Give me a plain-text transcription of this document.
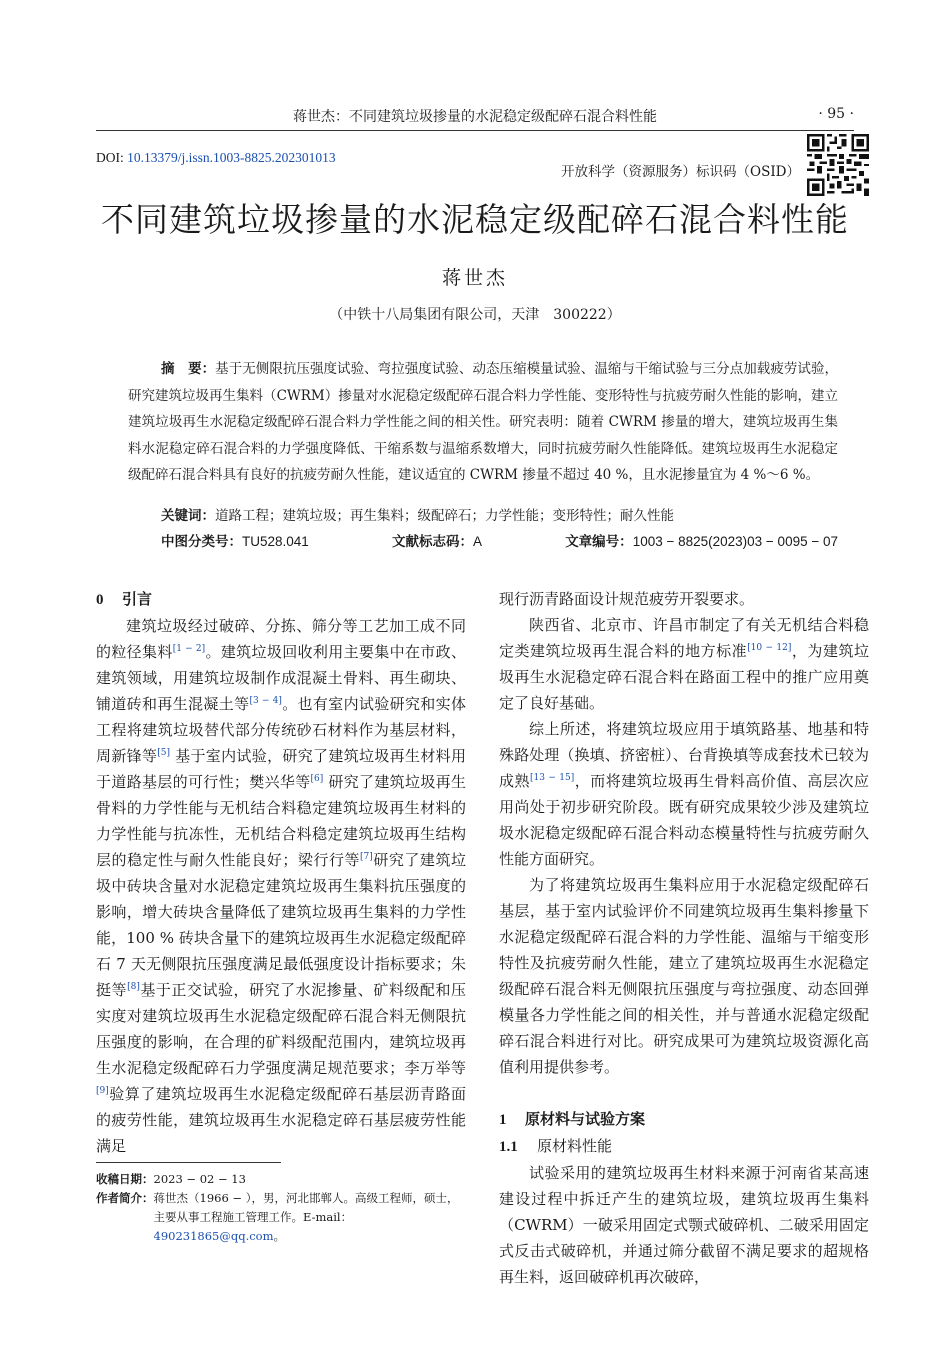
蒋世杰：不同建筑垃圾掺量的水泥稳定级配碎石混合料性能	· 95 ·
DOI: 10.13379/j.issn.1003-8825.202301013
开放科学（资源服务）标识码（OSID）
不同建筑垃圾掺量的水泥稳定级配碎石混合料性能
蒋世杰
（中铁十八局集团有限公司，天津　300222）
摘　要：基于无侧限抗压强度试验、弯拉强度试验、动态压缩模量试验、温缩与干缩试验与三分点加载疲劳试验，研究建筑垃圾再生集料（CWRM）掺量对水泥稳定级配碎石混合料力学性能、变形特性与抗疲劳耐久性能的影响，建立建筑垃圾再生水泥稳定级配碎石混合料力学性能之间的相关性。研究表明：随着 CWRM 掺量的增大，建筑垃圾再生集料水泥稳定碎石混合料的力学强度降低、干缩系数与温缩系数增大，同时抗疲劳耐久性能降低。建筑垃圾再生水泥稳定级配碎石混合料具有良好的抗疲劳耐久性能，建议适宜的 CWRM 掺量不超过 40 %，且水泥掺量宜为 4 %～6 %。
关键词：道路工程；建筑垃圾；再生集料；级配碎石；力学性能；变形特性；耐久性能
中图分类号：TU528.041	文献标志码：A	文章编号：1003 − 8825(2023)03 − 0095 − 07
0 引言

建筑垃圾经过破碎、分拣、筛分等工艺加工成不同的粒径集料[1 − 2]。建筑垃圾回收利用主要集中在市政、建筑领域，用建筑垃圾制作成混凝土骨料、再生砌块、铺道砖和再生混凝土等[3 − 4]。也有室内试验研究和实体工程将建筑垃圾替代部分传统砂石材料作为基层材料，周新锋等[5] 基于室内试验，研究了建筑垃圾再生材料用于道路基层的可行性；樊兴华等[6] 研究了建筑垃圾再生骨料的力学性能与无机结合料稳定建筑垃圾再生材料的力学性能与抗冻性，无机结合料稳定建筑垃圾再生结构层的稳定性与耐久性能良好；梁行行等[7]研究了建筑垃圾中砖块含量对水泥稳定建筑垃圾再生集料抗压强度的影响，增大砖块含量降低了建筑垃圾再生集料的力学性能，100 % 砖块含量下的建筑垃圾再生水泥稳定级配碎石 7 天无侧限抗压强度满足最低强度设计指标要求；朱挺等[8]基于正交试验，研究了水泥掺量、矿料级配和压实度对建筑垃圾再生水泥稳定级配碎石混合料无侧限抗压强度的影响，在合理的矿料级配范围内，建筑垃圾再生水泥稳定级配碎石力学强度满足规范要求；李万举等[9]验算了建筑垃圾再生水泥稳定级配碎石基层沥青路面的疲劳性能，建筑垃圾再生水泥稳定碎石基层疲劳性能满足

现行沥青路面设计规范疲劳开裂要求。

陕西省、北京市、许昌市制定了有关无机结合料稳定类建筑垃圾再生混合料的地方标准[10 − 12]，为建筑垃圾再生水泥稳定碎石混合料在路面工程中的推广应用奠定了良好基础。

综上所述，将建筑垃圾应用于填筑路基、地基和特殊路处理（换填、挤密桩）、台背换填等成套技术已较为成熟[13 − 15]，而将建筑垃圾再生骨料高价值、高层次应用尚处于初步研究阶段。既有研究成果较少涉及建筑垃圾水泥稳定级配碎石混合料动态模量特性与抗疲劳耐久性能方面研究。

为了将建筑垃圾再生集料应用于水泥稳定级配碎石基层，基于室内试验评价不同建筑垃圾再生集料掺量下水泥稳定级配碎石混合料的力学性能、温缩与干缩变形特性及抗疲劳耐久性能，建立了建筑垃圾再生水泥稳定级配碎石混合料无侧限抗压强度与弯拉强度、动态回弹模量各力学性能之间的相关性，并与普通水泥稳定级配碎石混合料进行对比。研究成果可为建筑垃圾资源化高值利用提供参考。

1 原材料与试验方案
1.1 原材料性能

试验采用的建筑垃圾再生材料来源于河南省某高速建设过程中拆迁产生的建筑垃圾，建筑垃圾再生集料（CWRM）一破采用固定式颚式破碎机、二破采用固定式反击式破碎机，并通过筛分截留不满足要求的超规格再生料，返回破碎机再次破碎，

收稿日期： 2023 − 02 − 13
作者简介： 蒋世杰（1966 − ），男，河北邯郸人。高级工程师，硕士，主要从事工程施工管理工作。E-mail：490231865@qq.com。
